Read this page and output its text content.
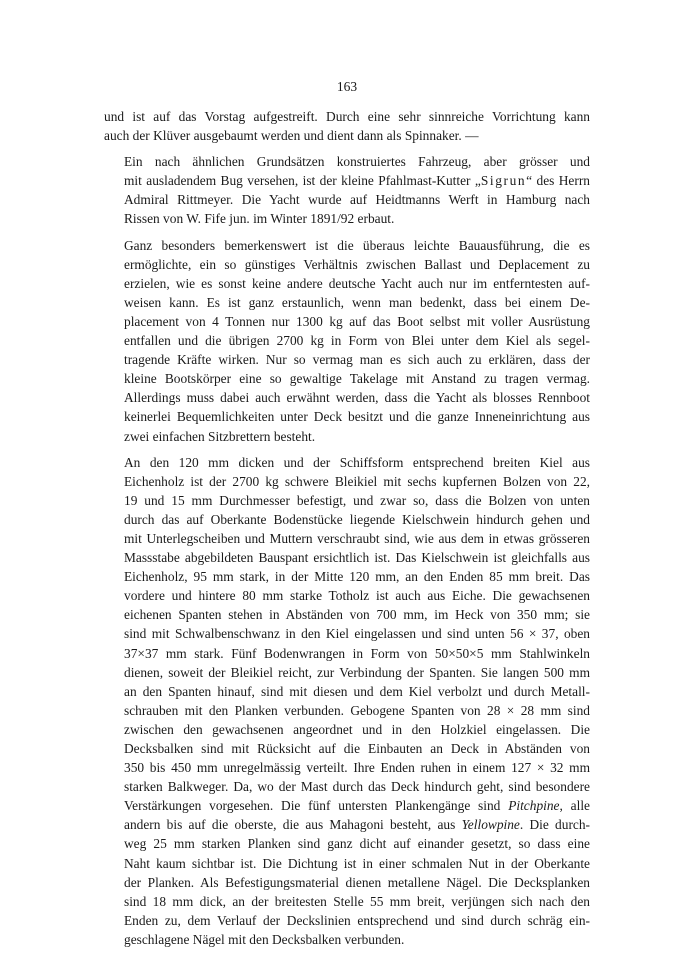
163
und ist auf das Vorstag aufgestreift. Durch eine sehr sinnreiche Vorrichtung kann
auch der Klüver ausgebaumt werden und dient dann als Spinnaker. —
Ein nach ähnlichen Grundsätzen konstruiertes Fahrzeug, aber grösser und
mit ausladendem Bug versehen, ist der kleine Pfahlmast-Kutter „Sigrun“ des Herrn
Admiral Rittmeyer. Die Yacht wurde auf Heidtmanns Werft in Hamburg nach
Rissen von W. Fife jun. im Winter 1891/92 erbaut.
Ganz besonders bemerkenswert ist die überaus leichte Bauausführung, die es
ermöglichte, ein so günstiges Verhältnis zwischen Ballast und Deplacement zu
erzielen, wie es sonst keine andere deutsche Yacht auch nur im entferntesten auf-
weisen kann. Es ist ganz erstaunlich, wenn man bedenkt, dass bei einem De-
placement von 4 Tonnen nur 1300 kg auf das Boot selbst mit voller Ausrüstung
entfallen und die übrigen 2700 kg in Form von Blei unter dem Kiel als segel-
tragende Kräfte wirken. Nur so vermag man es sich auch zu erklären, dass der
kleine Bootskörper eine so gewaltige Takelage mit Anstand zu tragen vermag.
Allerdings muss dabei auch erwähnt werden, dass die Yacht als blosses Rennboot
keinerlei Bequemlichkeiten unter Deck besitzt und die ganze Inneneinrichtung aus
zwei einfachen Sitzbrettern besteht.
An den 120 mm dicken und der Schiffsform entsprechend breiten Kiel aus
Eichenholz ist der 2700 kg schwere Bleikiel mit sechs kupfernen Bolzen von 22,
19 und 15 mm Durchmesser befestigt, und zwar so, dass die Bolzen von unten
durch das auf Oberkante Bodenstücke liegende Kielschwein hindurch gehen und
mit Unterlegscheiben und Muttern verschraubt sind, wie aus dem in etwas grösseren
Massstabe abgebildeten Bauspant ersichtlich ist. Das Kielschwein ist gleichfalls aus
Eichenholz, 95 mm stark, in der Mitte 120 mm, an den Enden 85 mm breit. Das
vordere und hintere 80 mm starke Totholz ist auch aus Eiche. Die gewachsenen
eichenen Spanten stehen in Abständen von 700 mm, im Heck von 350 mm; sie
sind mit Schwalbenschwanz in den Kiel eingelassen und sind unten 56 × 37, oben
37×37 mm stark. Fünf Bodenwrangen in Form von 50×50×5 mm Stahlwinkeln
dienen, soweit der Bleikiel reicht, zur Verbindung der Spanten. Sie langen 500 mm
an den Spanten hinauf, sind mit diesen und dem Kiel verbolzt und durch Metall-
schrauben mit den Planken verbunden. Gebogene Spanten von 28 × 28 mm sind
zwischen den gewachsenen angeordnet und in den Holzkiel eingelassen. Die
Decksbalken sind mit Rücksicht auf die Einbauten an Deck in Abständen von
350 bis 450 mm unregelmässig verteilt. Ihre Enden ruhen in einem 127 × 32 mm
starken Balkweger. Da, wo der Mast durch das Deck hindurch geht, sind besondere
Verstärkungen vorgesehen. Die fünf untersten Plankengänge sind Pitchpine, alle
andern bis auf die oberste, die aus Mahagoni besteht, aus Yellowpine. Die durch-
weg 25 mm starken Planken sind ganz dicht auf einander gesetzt, so dass eine
Naht kaum sichtbar ist. Die Dichtung ist in einer schmalen Nut in der Oberkante
der Planken. Als Befestigungsmaterial dienen metallene Nägel. Die Decksplanken
sind 18 mm dick, an der breitesten Stelle 55 mm breit, verjüngen sich nach den
Enden zu, dem Verlauf der Deckslinien entsprechend und sind durch schräg ein-
geschlagene Nägel mit den Decksbalken verbunden.
